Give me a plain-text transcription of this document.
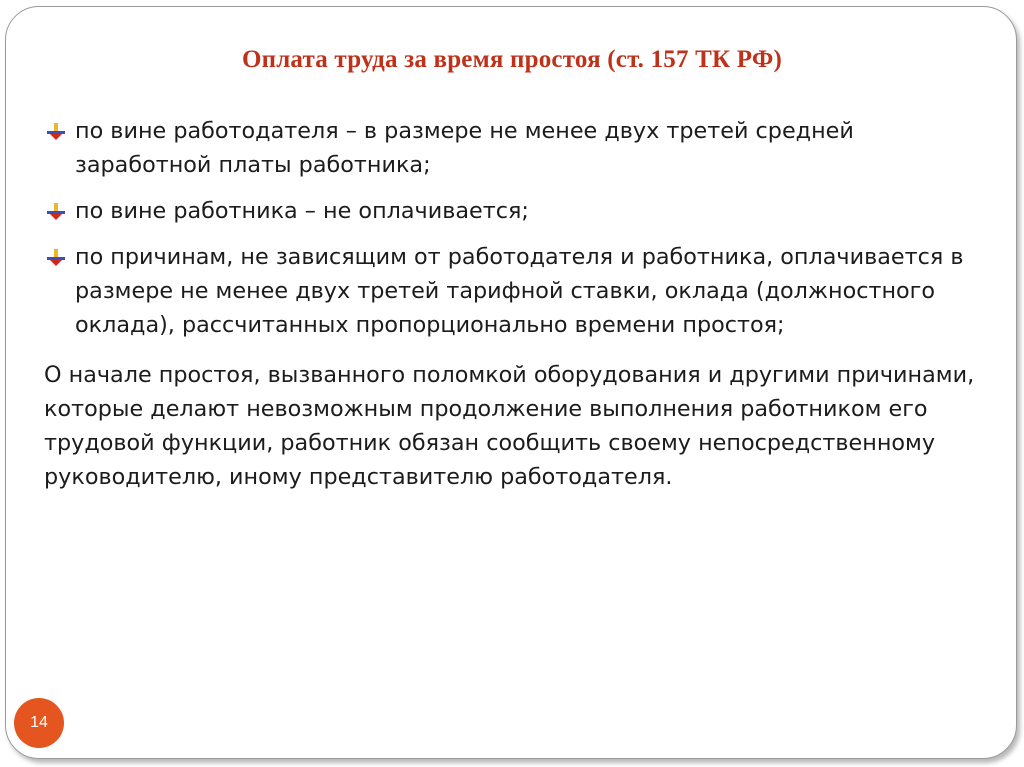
Оплата труда за время простоя (ст. 157 ТК РФ)
по вине работодателя – в размере не менее двух третей средней заработной платы работника;
по вине работника – не оплачивается;
по причинам, не зависящим от работодателя и работника, оплачивается в размере не менее двух третей тарифной ставки, оклада (должностного оклада), рассчитанных пропорционально времени простоя;
О начале простоя, вызванного поломкой оборудования и другими причинами, которые делают невозможным продолжение выполнения работником его трудовой функции, работник обязан сообщить своему непосредственному руководителю, иному представителю работодателя.
14
